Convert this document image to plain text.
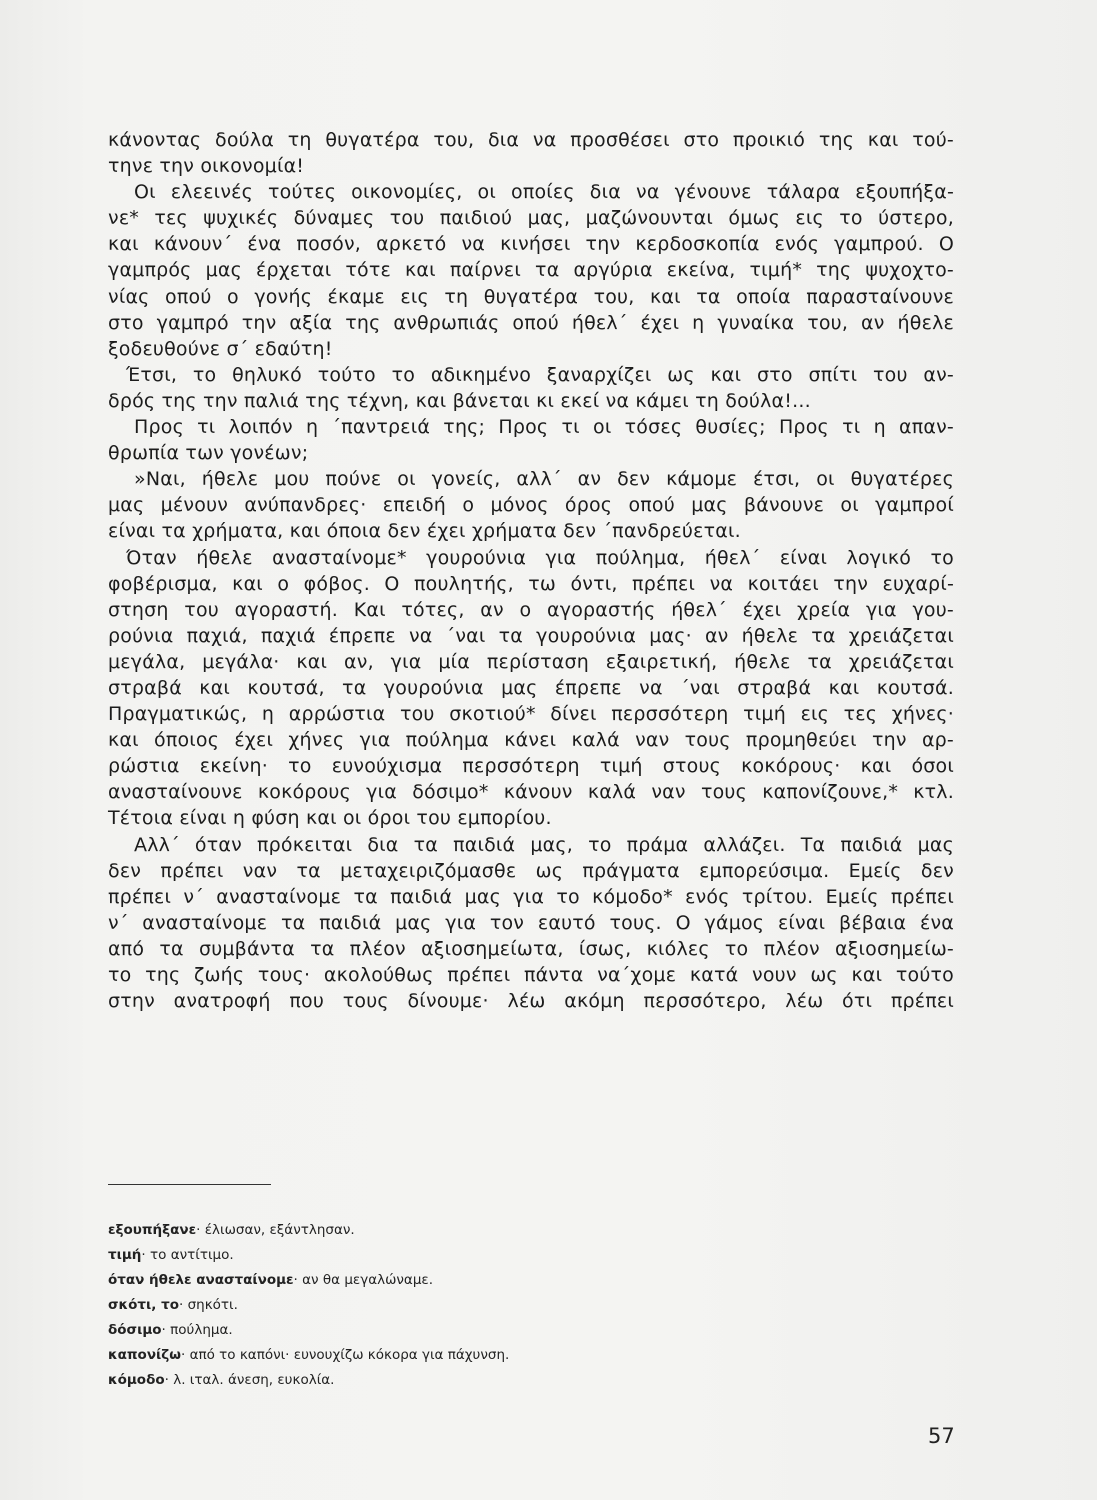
κάνοντας δούλα τη θυγατέρα του, δια να προσθέσει στο προικιό της και τού-

τηνε την οικονομία!

Οι ελεεινές τούτες οικονομίες, οι οποίες δια να γένουνε τάλαρα εξουπήξα-

νε* τες ψυχικές δύναμες του παιδιού μας, μαζώνουνται όμως εις το ύστερο,

και κάνουν΄ ένα ποσόν, αρκετό να κινήσει την κερδοσκοπία ενός γαμπρού. Ο

γαμπρός μας έρχεται τότε και παίρνει τα αργύρια εκείνα, τιμή* της ψυχοχτο-

νίας οπού ο γονής έκαμε εις τη θυγατέρα του, και τα οποία παρασταίνουνε

στο γαμπρό την αξία της ανθρωπιάς οπού ήθελ΄ έχει η γυναίκα του, αν ήθελε

ξοδευθούνε σ΄ εδαύτη!

Έτσι, το θηλυκό τούτο το αδικημένο ξαναρχίζει ως και στο σπίτι του αν-

δρός της την παλιά της τέχνη, και βάνεται κι εκεί να κάμει τη δούλα!...

Προς τι λοιπόν η ΄παντρειά της; Προς τι οι τόσες θυσίες; Προς τι η απαν-

θρωπία των γονέων;

»Ναι, ήθελε μου πούνε οι γονείς, αλλ΄ αν δεν κάμομε έτσι, οι θυγατέρες

μας μένουν ανύπανδρες· επειδή ο μόνος όρος οπού μας βάνουνε οι γαμπροί

είναι τα χρήματα, και όποια δεν έχει χρήματα δεν ΄πανδρεύεται.

Όταν ήθελε ανασταίνομε* γουρούνια για πούλημα, ήθελ΄ είναι λογικό το

φοβέρισμα, και ο φόβος. Ο πουλητής, τω όντι, πρέπει να κοιτάει την ευχαρί-

στηση του αγοραστή. Και τότες, αν ο αγοραστής ήθελ΄ έχει χρεία για γου-

ρούνια παχιά, παχιά έπρεπε να ΄ναι τα γουρούνια μας· αν ήθελε τα χρειάζεται

μεγάλα, μεγάλα· και αν, για μία περίσταση εξαιρετική, ήθελε τα χρειάζεται

στραβά και κουτσά, τα γουρούνια μας έπρεπε να ΄ναι στραβά και κουτσά.

Πραγματικώς, η αρρώστια του σκοτιού* δίνει περσσότερη τιμή εις τες χήνες·

και όποιος έχει χήνες για πούλημα κάνει καλά ναν τους προμηθεύει την αρ-

ρώστια εκείνη· το ευνούχισμα περσσότερη τιμή στους κοκόρους· και όσοι

ανασταίνουνε κοκόρους για δόσιμο* κάνουν καλά ναν τους καπονίζουνε,* κτλ.

Τέτοια είναι η φύση και οι όροι του εμπορίου.

Αλλ΄ όταν πρόκειται δια τα παιδιά μας, το πράμα αλλάζει. Τα παιδιά μας

δεν πρέπει ναν τα μεταχειριζόμασθε ως πράγματα εμπορεύσιμα. Εμείς δεν

πρέπει ν΄ ανασταίνομε τα παιδιά μας για το κόμοδο* ενός τρίτου. Εμείς πρέπει

ν΄ ανασταίνομε τα παιδιά μας για τον εαυτό τους. Ο γάμος είναι βέβαια ένα

από τα συμβάντα τα πλέον αξιοσημείωτα, ίσως, κιόλες το πλέον αξιοσημείω-

το της ζωής τους· ακολούθως πρέπει πάντα να΄χομε κατά νουν ως και τούτο

στην ανατροφή που τους δίνουμε· λέω ακόμη περσσότερο, λέω ότι πρέπει

εξουπήξανε· έλιωσαν, εξάντλησαν.
τιμή· το αντίτιμο.
όταν ήθελε ανασταίνομε· αν θα μεγαλώναμε.
σκότι, το· σηκότι.
δόσιμο· πούλημα.
καπονίζω· από το καπόνι· ευνουχίζω κόκορα για πάχυνση.
κόμοδο· λ. ιταλ. άνεση, ευκολία.
57
